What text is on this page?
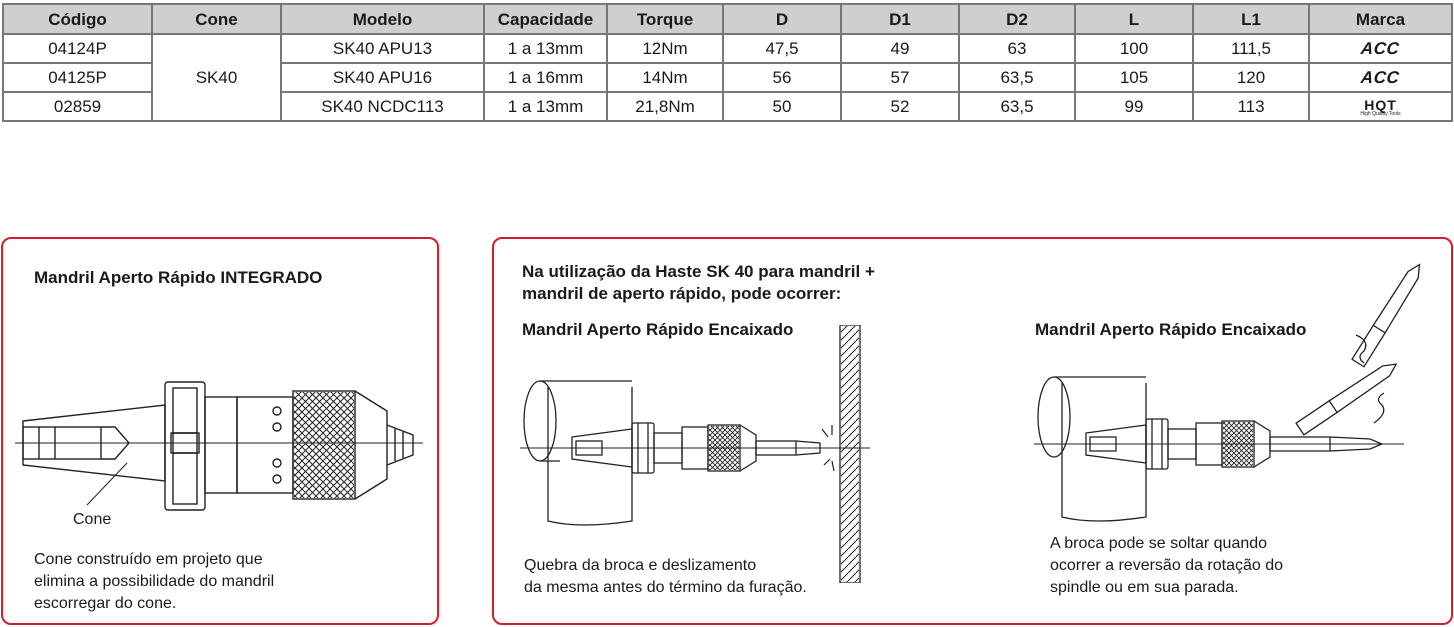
Código	Cone	Modelo	Capacidade	Torque	D	D1	D2	L	L1	Marca
04124P	SK40	SK40 APU13	1 a 13mm	12Nm	47,5	49	63	100	111,5	ACC
04125P		SK40 APU16	1 a 16mm	14Nm	56	57	63,5	105	120	ACC
02859		SK40 NCDC113	1 a 13mm	21,8Nm	50	52	63,5	99	113	HQT
High Quality Tools
Mandril Aperto Rápido INTEGRADO
Cone
Cone construído em projeto que
elimina a possibilidade do mandril
escorregar do cone.
Na utilização da Haste SK 40 para mandril +
mandril de aperto rápido, pode ocorrer:
Mandril Aperto Rápido Encaixado	Mandril Aperto Rápido Encaixado
Quebra da broca e deslizamento
da mesma antes do término da furação.
A broca pode se soltar quando
ocorrer a reversão da rotação do
spindle ou em sua parada.
